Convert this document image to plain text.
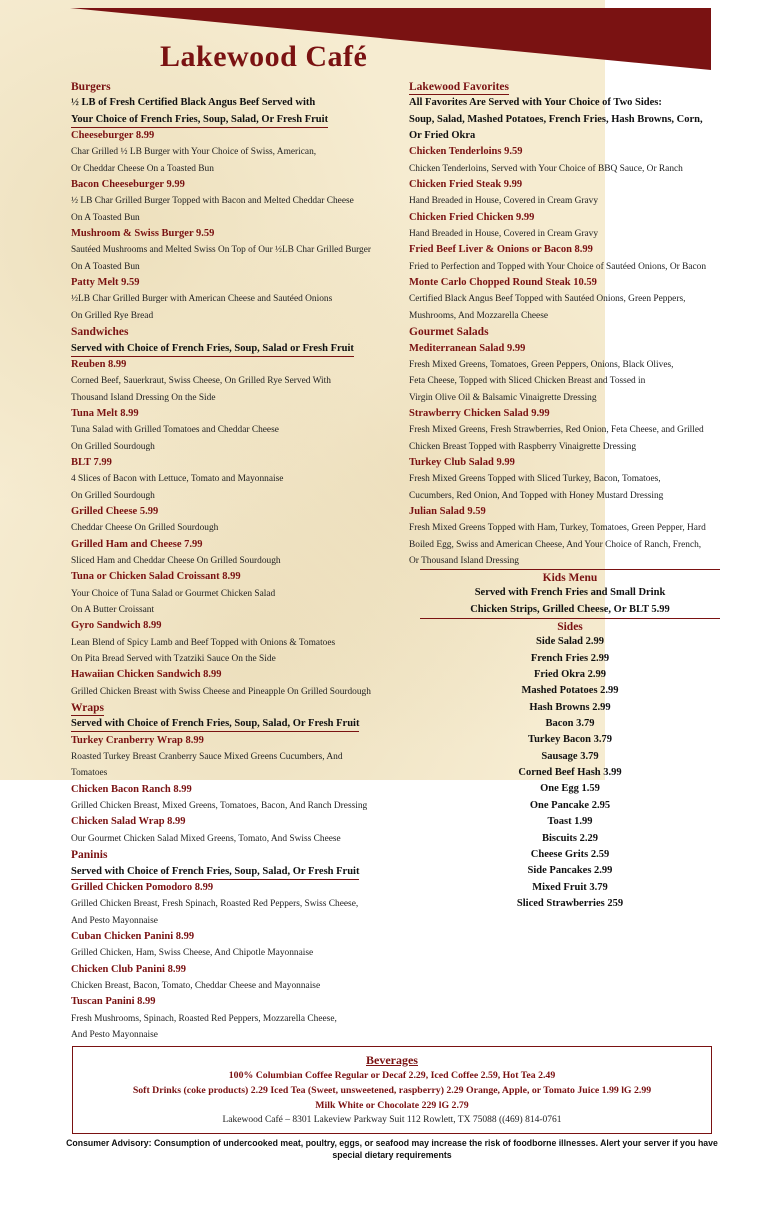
Lakewood Café
Burgers
½ LB of Fresh Certified Black Angus Beef Served with
Your Choice of French Fries, Soup, Salad, Or Fresh Fruit
Cheeseburger 8.99
Char Grilled ½ LB Burger with Your Choice of Swiss, American,
Or Cheddar Cheese On a Toasted Bun
Bacon Cheeseburger 9.99
½ LB Char Grilled Burger Topped with Bacon and Melted Cheddar Cheese
On A Toasted Bun
Mushroom & Swiss Burger 9.59
Sautéed Mushrooms and Melted Swiss On Top of Our ½LB Char Grilled Burger
On A Toasted Bun
Patty Melt 9.59
½LB Char Grilled Burger with American Cheese and Sautéed Onions
On Grilled Rye Bread
Sandwiches
Served with Choice of French Fries, Soup, Salad or Fresh Fruit
Reuben 8.99
Corned Beef, Sauerkraut, Swiss Cheese, On Grilled Rye Served With
Thousand Island Dressing On the Side
Tuna Melt 8.99
Tuna Salad with Grilled Tomatoes and Cheddar Cheese
On Grilled Sourdough
BLT 7.99
4 Slices of Bacon with Lettuce, Tomato and Mayonnaise
On Grilled Sourdough
Grilled Cheese 5.99
Cheddar Cheese On Grilled Sourdough
Grilled Ham and Cheese 7.99
Sliced Ham and Cheddar Cheese On Grilled Sourdough
Tuna or Chicken Salad Croissant 8.99
Your Choice of Tuna Salad or Gourmet Chicken Salad
On A Butter Croissant
Gyro Sandwich 8.99
Lean Blend of Spicy Lamb and Beef Topped with Onions & Tomatoes
On Pita Bread Served with Tzatziki Sauce On the Side
Hawaiian Chicken Sandwich 8.99
Grilled Chicken Breast with Swiss Cheese and Pineapple On Grilled Sourdough
Wraps
Served with Choice of French Fries, Soup, Salad, Or Fresh Fruit
Turkey Cranberry Wrap 8.99
Roasted Turkey Breast Cranberry Sauce Mixed Greens Cucumbers, And
Tomatoes
Chicken Bacon Ranch 8.99
Grilled Chicken Breast, Mixed Greens, Tomatoes, Bacon, And Ranch Dressing
Chicken Salad Wrap 8.99
Our Gourmet Chicken Salad Mixed Greens, Tomato, And Swiss Cheese
Paninis
Served with Choice of French Fries, Soup, Salad, Or Fresh Fruit
Grilled Chicken Pomodoro 8.99
Grilled Chicken Breast, Fresh Spinach, Roasted Red Peppers, Swiss Cheese,
And Pesto Mayonnaise
Cuban Chicken Panini 8.99
Grilled Chicken, Ham, Swiss Cheese, And Chipotle Mayonnaise
Chicken Club Panini 8.99
Chicken Breast, Bacon, Tomato, Cheddar Cheese and Mayonnaise
Tuscan Panini 8.99
Fresh Mushrooms, Spinach, Roasted Red Peppers, Mozzarella Cheese,
And Pesto Mayonnaise
Lakewood Favorites
All Favorites Are Served with Your Choice of Two Sides:
Soup, Salad, Mashed Potatoes, French Fries, Hash Browns, Corn,
Or Fried Okra
Chicken Tenderloins 9.59
Chicken Tenderloins, Served with Your Choice of BBQ Sauce, Or Ranch
Chicken Fried Steak 9.99
Hand Breaded in House, Covered in Cream Gravy
Chicken Fried Chicken 9.99
Hand Breaded in House, Covered in Cream Gravy
Fried Beef Liver & Onions or Bacon 8.99
Fried to Perfection and Topped with Your Choice of Sautéed Onions, Or Bacon
Monte Carlo Chopped Round Steak 10.59
Certified Black Angus Beef Topped with Sautéed Onions, Green Peppers,
Mushrooms, And Mozzarella Cheese
Gourmet Salads
Mediterranean Salad 9.99
Fresh Mixed Greens, Tomatoes, Green Peppers, Onions, Black Olives,
Feta Cheese, Topped with Sliced Chicken Breast and Tossed in
Virgin Olive Oil & Balsamic Vinaigrette Dressing
Strawberry Chicken Salad 9.99
Fresh Mixed Greens, Fresh Strawberries, Red Onion, Feta Cheese, and Grilled
Chicken Breast Topped with Raspberry Vinaigrette Dressing
Turkey Club Salad 9.99
Fresh Mixed Greens Topped with Sliced Turkey, Bacon, Tomatoes,
Cucumbers, Red Onion, And Topped with Honey Mustard Dressing
Julian Salad 9.59
Fresh Mixed Greens Topped with Ham, Turkey, Tomatoes, Green Pepper, Hard
Boiled Egg, Swiss and American Cheese, And Your Choice of Ranch, French,
Or Thousand Island Dressing
Kids Menu
Served with French Fries and Small Drink
Chicken Strips, Grilled Cheese, Or BLT 5.99
Sides
Side Salad 2.99
French Fries 2.99
Fried Okra 2.99
Mashed Potatoes 2.99
Hash Browns 2.99
Bacon 3.79
Turkey Bacon 3.79
Sausage 3.79
Corned Beef Hash 3.99
One Egg 1.59
One Pancake 2.95
Toast 1.99
Biscuits 2.29
Cheese Grits 2.59
Side Pancakes 2.99
Mixed Fruit 3.79
Sliced Strawberries 259
Beverages
100% Columbian Coffee Regular or Decaf 2.29, Iced Coffee 2.59, Hot Tea 2.49
Soft Drinks (coke products) 2.29 Iced Tea (Sweet, unsweetened, raspberry) 2.29 Orange, Apple, or Tomato Juice 1.99 lG 2.99
Milk White or Chocolate 229 lG 2.79
Lakewood Café – 8301 Lakeview Parkway Suit 112 Rowlett, TX 75088 ((469) 814-0761
Consumer Advisory: Consumption of undercooked meat, poultry, eggs, or seafood may increase the risk of foodborne illnesses. Alert your server if you have
special dietary requirements
